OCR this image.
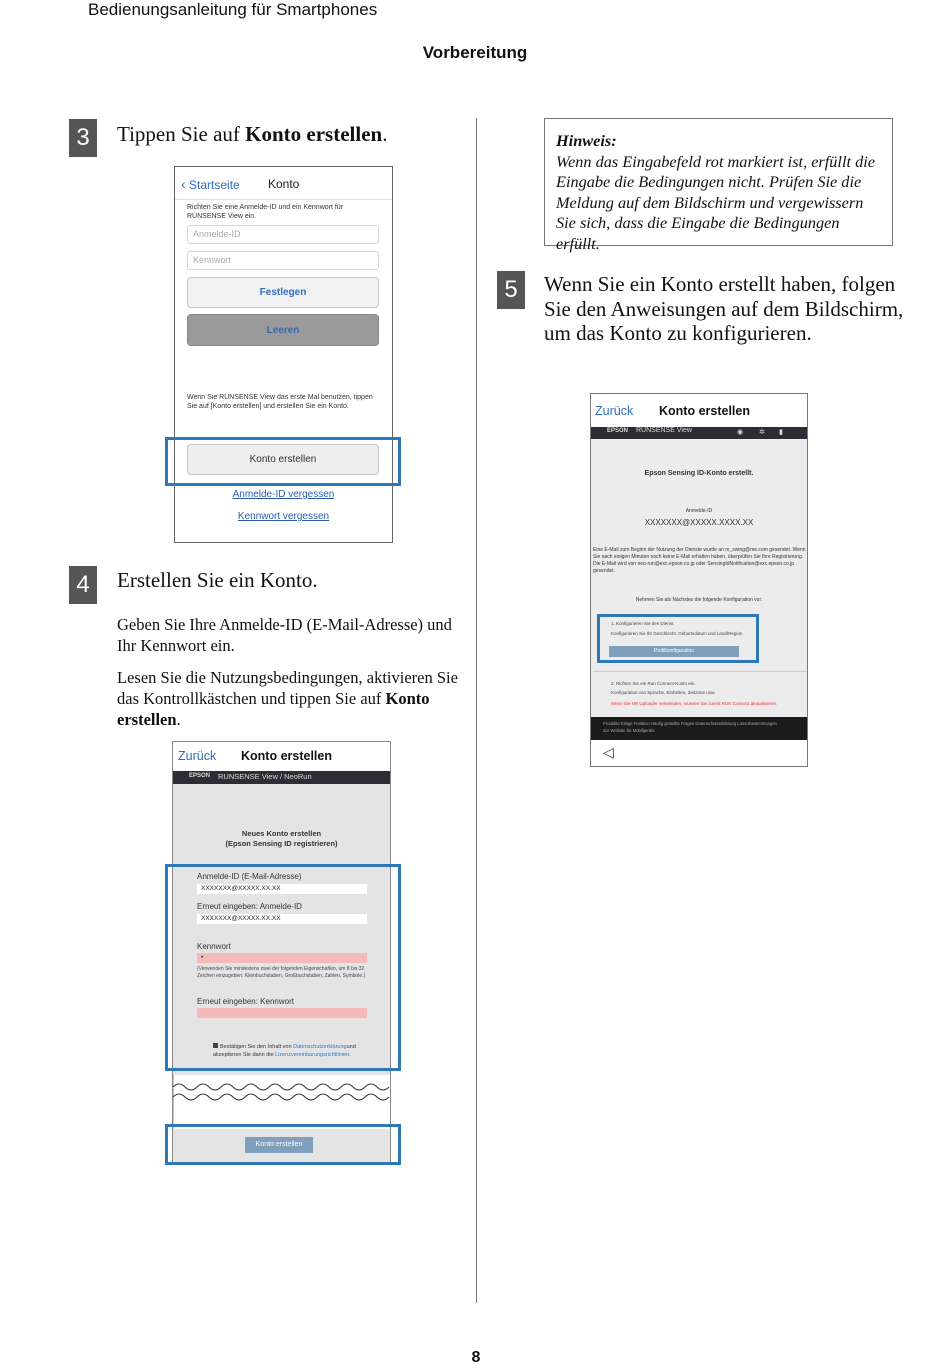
Bedienungsanleitung für Smartphones
Vorbereitung
3	Tippen Sie auf Konto erstellen.
‹ Startseite Konto
Richten Sie eine Anmelde-ID und ein Kennwort für RUNSENSE View ein.
Anmelde-ID
Kennwort
Festlegen
Leeren
Wenn Sie RUNSENSE View das erste Mal benutzen, tippen Sie auf [Konto erstellen] und erstellen Sie ein Konto.
Konto erstellen
Anmelde-ID vergessen
Kennwort vergessen
4	Erstellen Sie ein Konto.
Geben Sie Ihre Anmelde-ID (E-Mail-Adresse) und Ihr Kennwort ein.
Lesen Sie die Nutzungsbedingungen, aktivieren Sie das Kontrollkästchen und tippen Sie auf Konto erstellen.
Zurück Konto erstellen
EPSON RUNSENSE View / NeoRun
Neues Konto erstellen
(Epson Sensing ID registrieren)
Anmelde-ID (E-Mail-Adresse)
XXXXXXX@XXXXX.XX.XX
Erneut eingeben: Anmelde-ID
XXXXXXX@XXXXX.XX.XX
Kennwort
•
(Verwenden Sie mindestens zwei der folgenden Eigenschaften, um 8 bis 32 Zeichen einzugeben: Kleinbuchstaben, Großbuchstaben, Zahlen, Symbole.)
Erneut eingeben: Kennwort
Bestätigen Sie den Inhalt von Datenschutzerklärungund akzeptieren Sie dann die Lizenzvereinbarungsrichtlinien.
Konto erstellen
Hinweis:
Wenn das Eingabefeld rot markiert ist, erfüllt die Eingabe die Bedingungen nicht. Prüfen Sie die Meldung auf dem Bildschirm und vergewissern Sie sich, dass die Eingabe die Bedingungen erfüllt.
5	Wenn Sie ein Konto erstellt haben, folgen Sie den Anweisungen auf dem Bildschirm, um das Konto zu konfigurieren.
Zurück Konto erstellen
EPSON RUNSENSE View	◉ ✲ ▮
Epson Sensing ID-Konto erstellt.
Anmelde-ID
XXXXXXX@XXXXX.XXXX.XX
Eine E-Mail zum Beginn der Nutzung der Dienste wurde an m_swing@me.com gesendet. Wenn Sie nach einigen Minuten noch keine E-Mail erhalten haben, überprüfen Sie Ihre Registrierung. Die E-Mail wird von neo-run@exc.epson.co.jp oder SensingIdNotification@exc.epson.co.jp gesendet.
Nehmen Sie als Nächstes die folgende Konfiguration vor.
1. Konfigurieren Sie den Dienst.
Konfigurieren Sie Ihr Geschlecht, Geburtsdatum und Land/Region
Profilkonfiguration
2. Richten Sie ein Run Connect-Konto ein.
Konfiguration von Sprache, Einheiten, Zeitzone usw.
Wenn Sie NR Uploader verwenden, müssen Sie zuerst RUN Connect aktualisieren.
Produkte Einige Funktion Häufig gestellte Fragen Datenschutzerklärung Lizenzbestimmungen
Zur Website für Mobilgeräte
◁
8
